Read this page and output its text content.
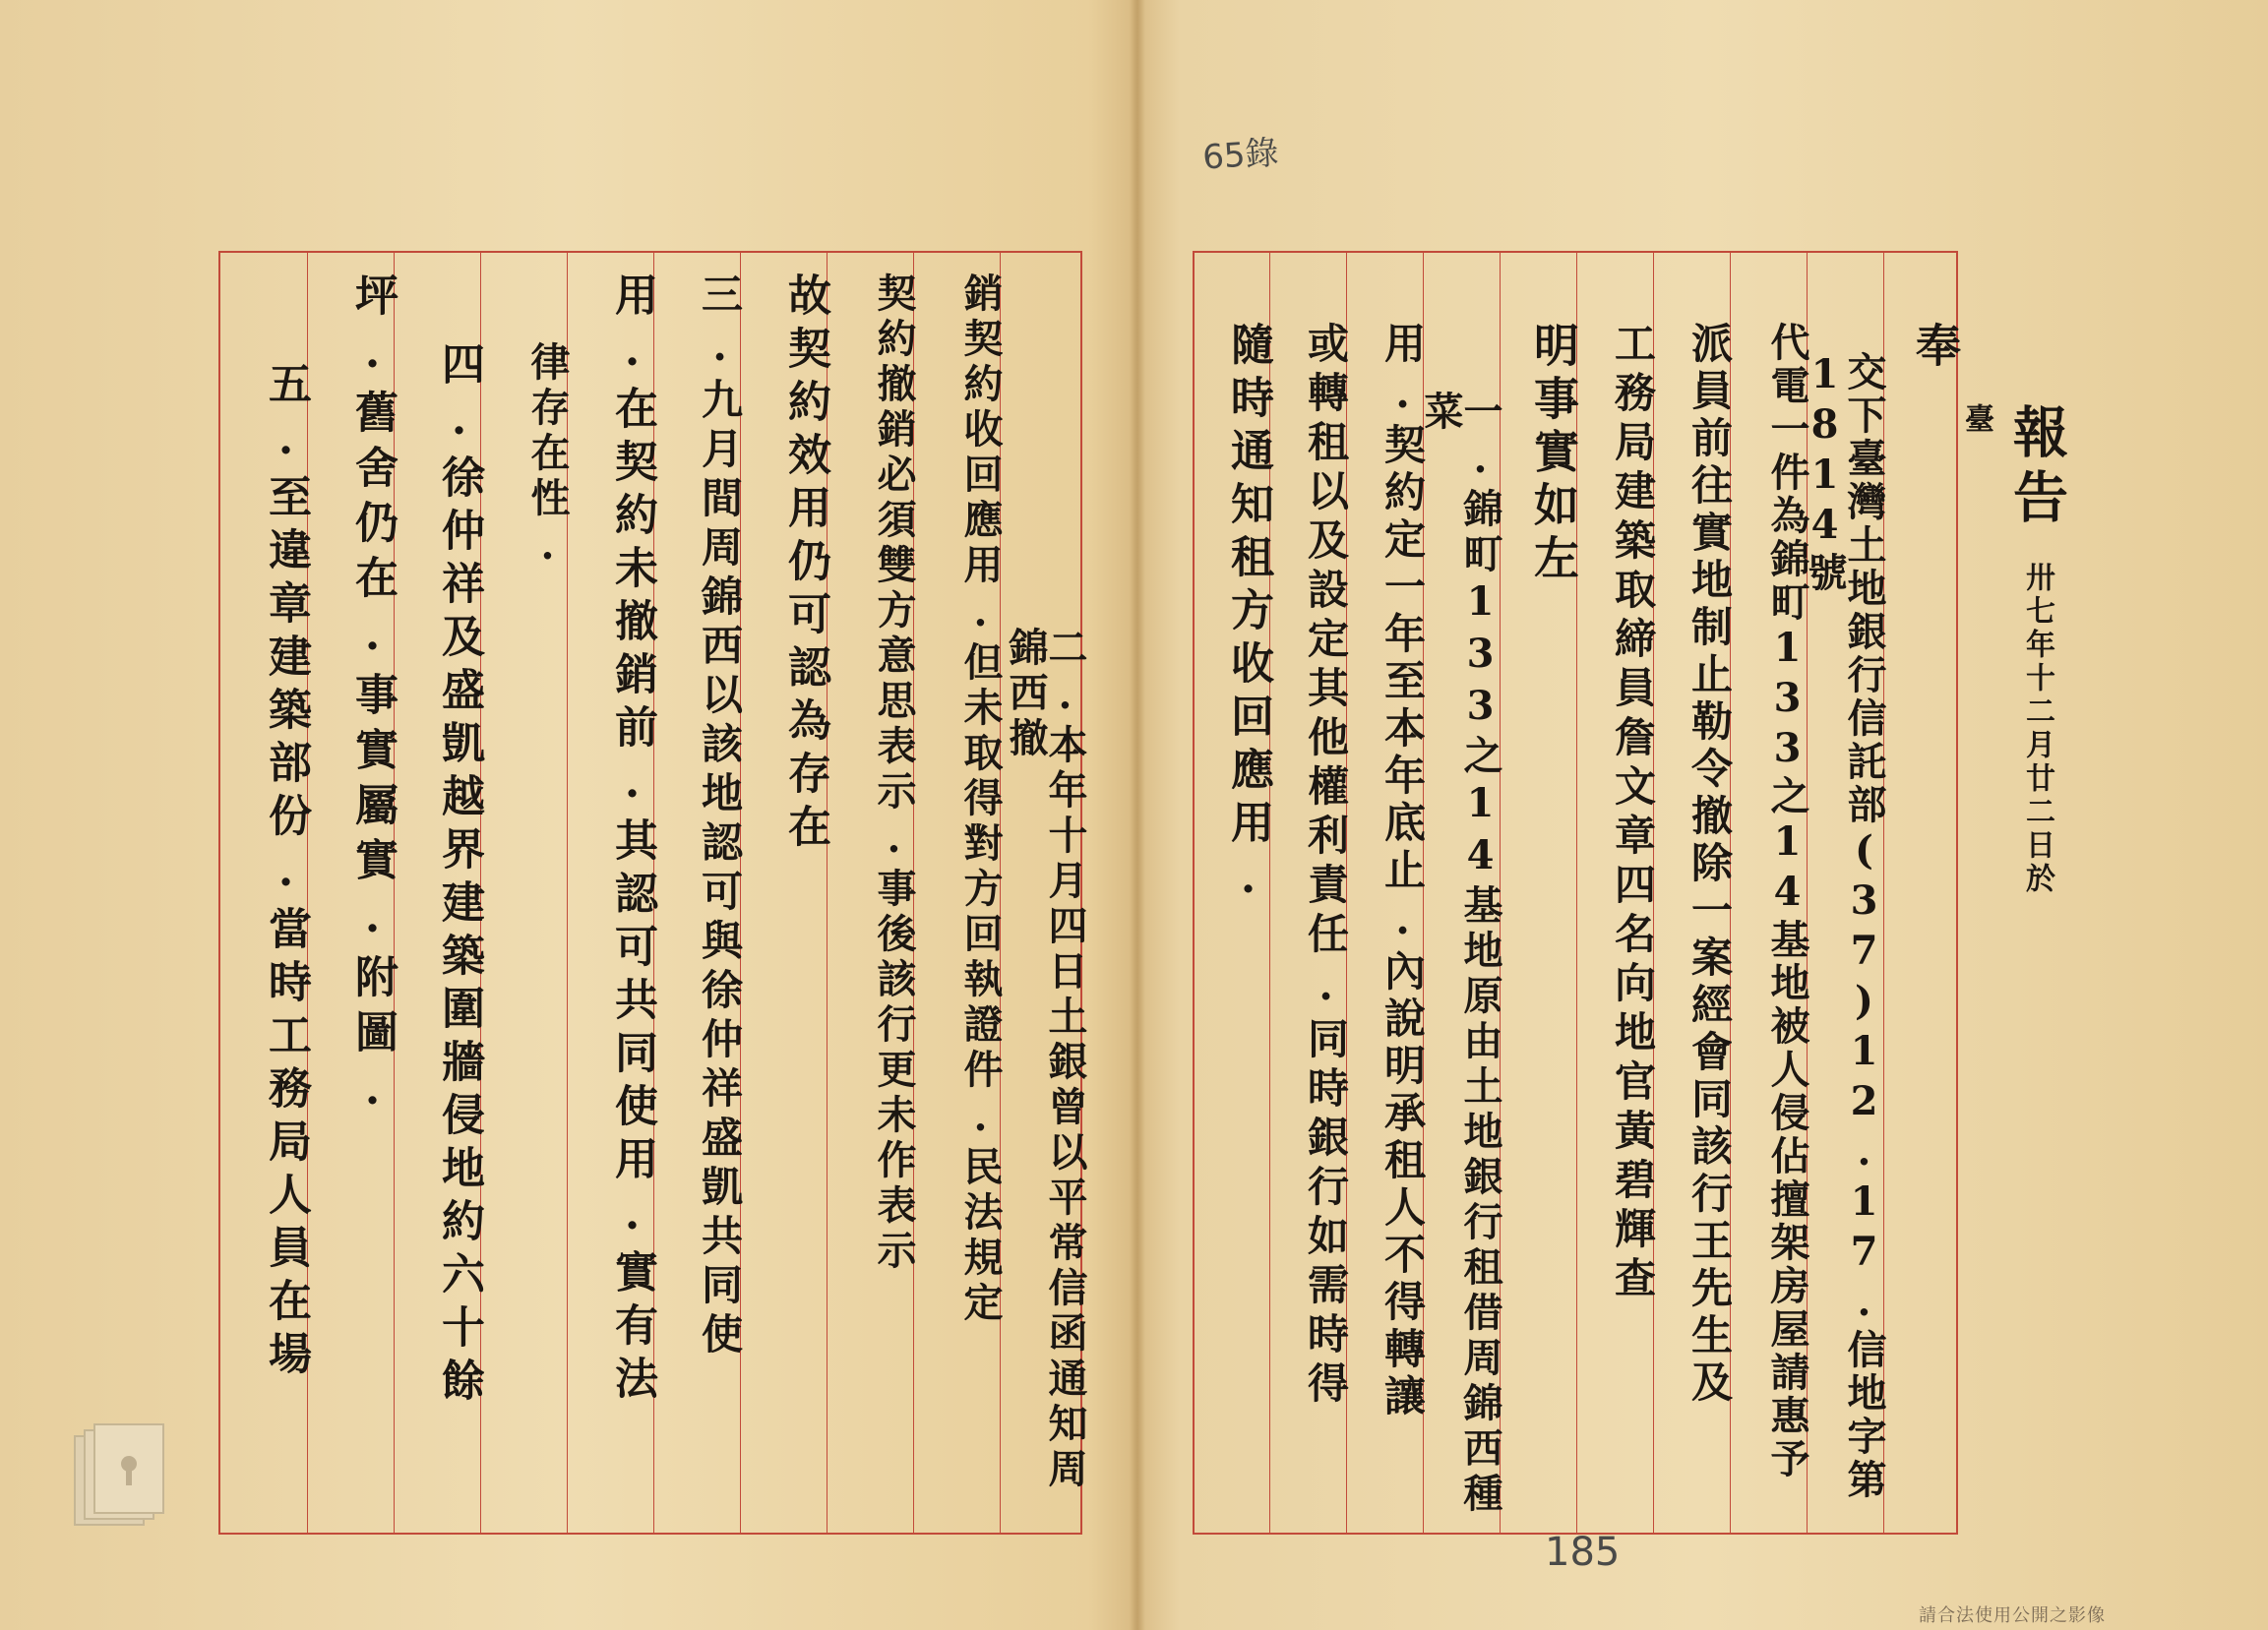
65錄
奉
交下臺灣土地銀行信託部(37)12.17.信地字第1814號
代電一件為錦町133之14基地被人侵佔擅架房屋請惠予
派員前往實地制止勒令撤除一案經會同該行王先生及
工務局建築取締員詹文章四名向地官黃碧輝查
明事實如左
一.錦町133之14基地原由土地銀行租借周錦西種菜
用.契約定一年至本年底止.內說明承租人不得轉讓
或轉租以及設定其他權利責任.同時銀行如需時得
隨時通知租方收回應用.	報告 卅七年十二月廿二日於臺
二.本年十月四日土銀曾以平常信函通知周錦西撤
銷契約收回應用.但未取得對方回執證件.民法規定
契約撤銷必須雙方意思表示.事後該行更未作表示
故契約效用仍可認為存在
三.九月間周錦西以該地認可與徐仲祥盛凱共同使
用.在契約未撤銷前.其認可共同使用.實有法
律存在性.
四.徐仲祥及盛凱越界建築圍牆侵地約六十餘
坪.舊舍仍在.事實屬實.附圖.
五.至違章建築部份.當時工務局人員在場
185
請合法使用公開之影像
